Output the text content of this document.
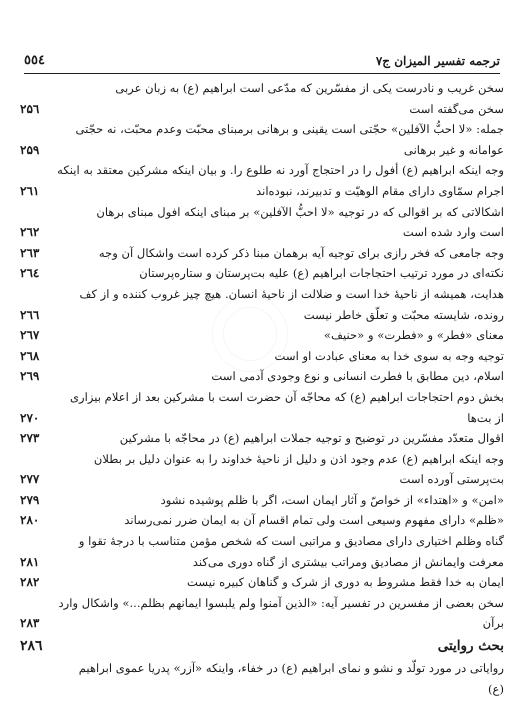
٥٥٤	ترجمه تفسیر المیزان ج۷
سخن غریب و نادرست یکی از مفسّرین که مدّعی است ابراهیم (ع) به زبان عربی
سخن می‌گفته است
۲۵٦
جمله: «لا احبُّ الآفلین» حجّتی است یقینی و برهانی برمبنای محبّت وعدم محبّت، نه حجّتی
عوامانه و غیر برهانی
۲۵۹
وجه اینکه ابراهیم (ع) أفول را در احتجاج آورد نه طلوع را. و بیان اینکه مشرکین معتقد به اینکه
اجرام سمّاوی دارای مقام الوهیّت و تدبیرند، نبوده‌اند
۲٦۱
اشکالاتی که بر اقوالی که در توجیه «لا احبُّ الآفلین» بر مبنای اینکه افول مبنای برهان
است وارد شده است
۲٦۲
وجه جامعی که فخر رازی برای توجیه آیه برهمان مبنا ذکر کرده است واشکال آن وجه
۲٦۳
نکته‌ای در مورد ترتیب احتجاجات ابراهیم (ع) علیه بت‌پرستان و ستاره‌پرستان
۲٦٤
هدایت، همیشه از ناحیهٔ خدا است و ضلالت از ناحیهٔ انسان. هیچ چیز غروب کننده و از کف
رونده، شایسته محبّت و تعلّق خاطر نیست
۲٦٦
معنای «فطر» و «فطرت» و «حنیف»
۲٦۷
توجیه وجه به سوی خدا به معنای عبادت او است
۲٦۸
اسلام، دین مطابق با فطرت انسانی و نوع وجودی آدمی است
۲٦۹
بخش دوم احتجاجات ابراهیم (ع) که محاجّه آن حضرت است با مشرکین بعد از اعلام بیزاری
از بت‌ها
۲۷۰
اقوال متعدّد مفسّرین در توضیح و توجیه جملات ابراهیم (ع) در محاجّه با مشرکین
۲۷۳
وجه اینکه ابراهیم (ع) عدم وجود اذن و دلیل از ناحیهٔ خداوند را به عنوان دلیل بر بطلان
بت‌پرستی آورده است
۲۷۷
«امن» و «اهتداء» از خواصّ و آثار ایمان است، اگر با ظلم پوشیده نشود
۲۷۹
«ظلم» دارای مفهوم وسیعی است ولی تمام اقسام آن به ایمان ضرر نمی‌رساند
۲۸۰
گناه وظلم اختیاری دارای مصادیق و مراتبی است که شخص مؤمن متناسب با درجهٔ تقوا و
معرفت وایمانش از مصادیق ومراتب بیشتری از گناه دوری می‌کند
۲۸۱
ایمان به خدا فقط مشروط به دوری از شرک و گناهان کبیره نیست
۲۸۲
سخن بعضی از مفسرین در تفسیر آیه: «الذین آمنوا ولم یلبسوا ایمانهم بظلم...» واشکال وارد
برآن
۲۸۳
بحث روایتی
۲۸٦
روایاتی در مورد تولّد و نشو و نمای ابراهیم (ع) در خفاء، واینکه «آزر» پدریا عموی ابراهیم
(ع)
